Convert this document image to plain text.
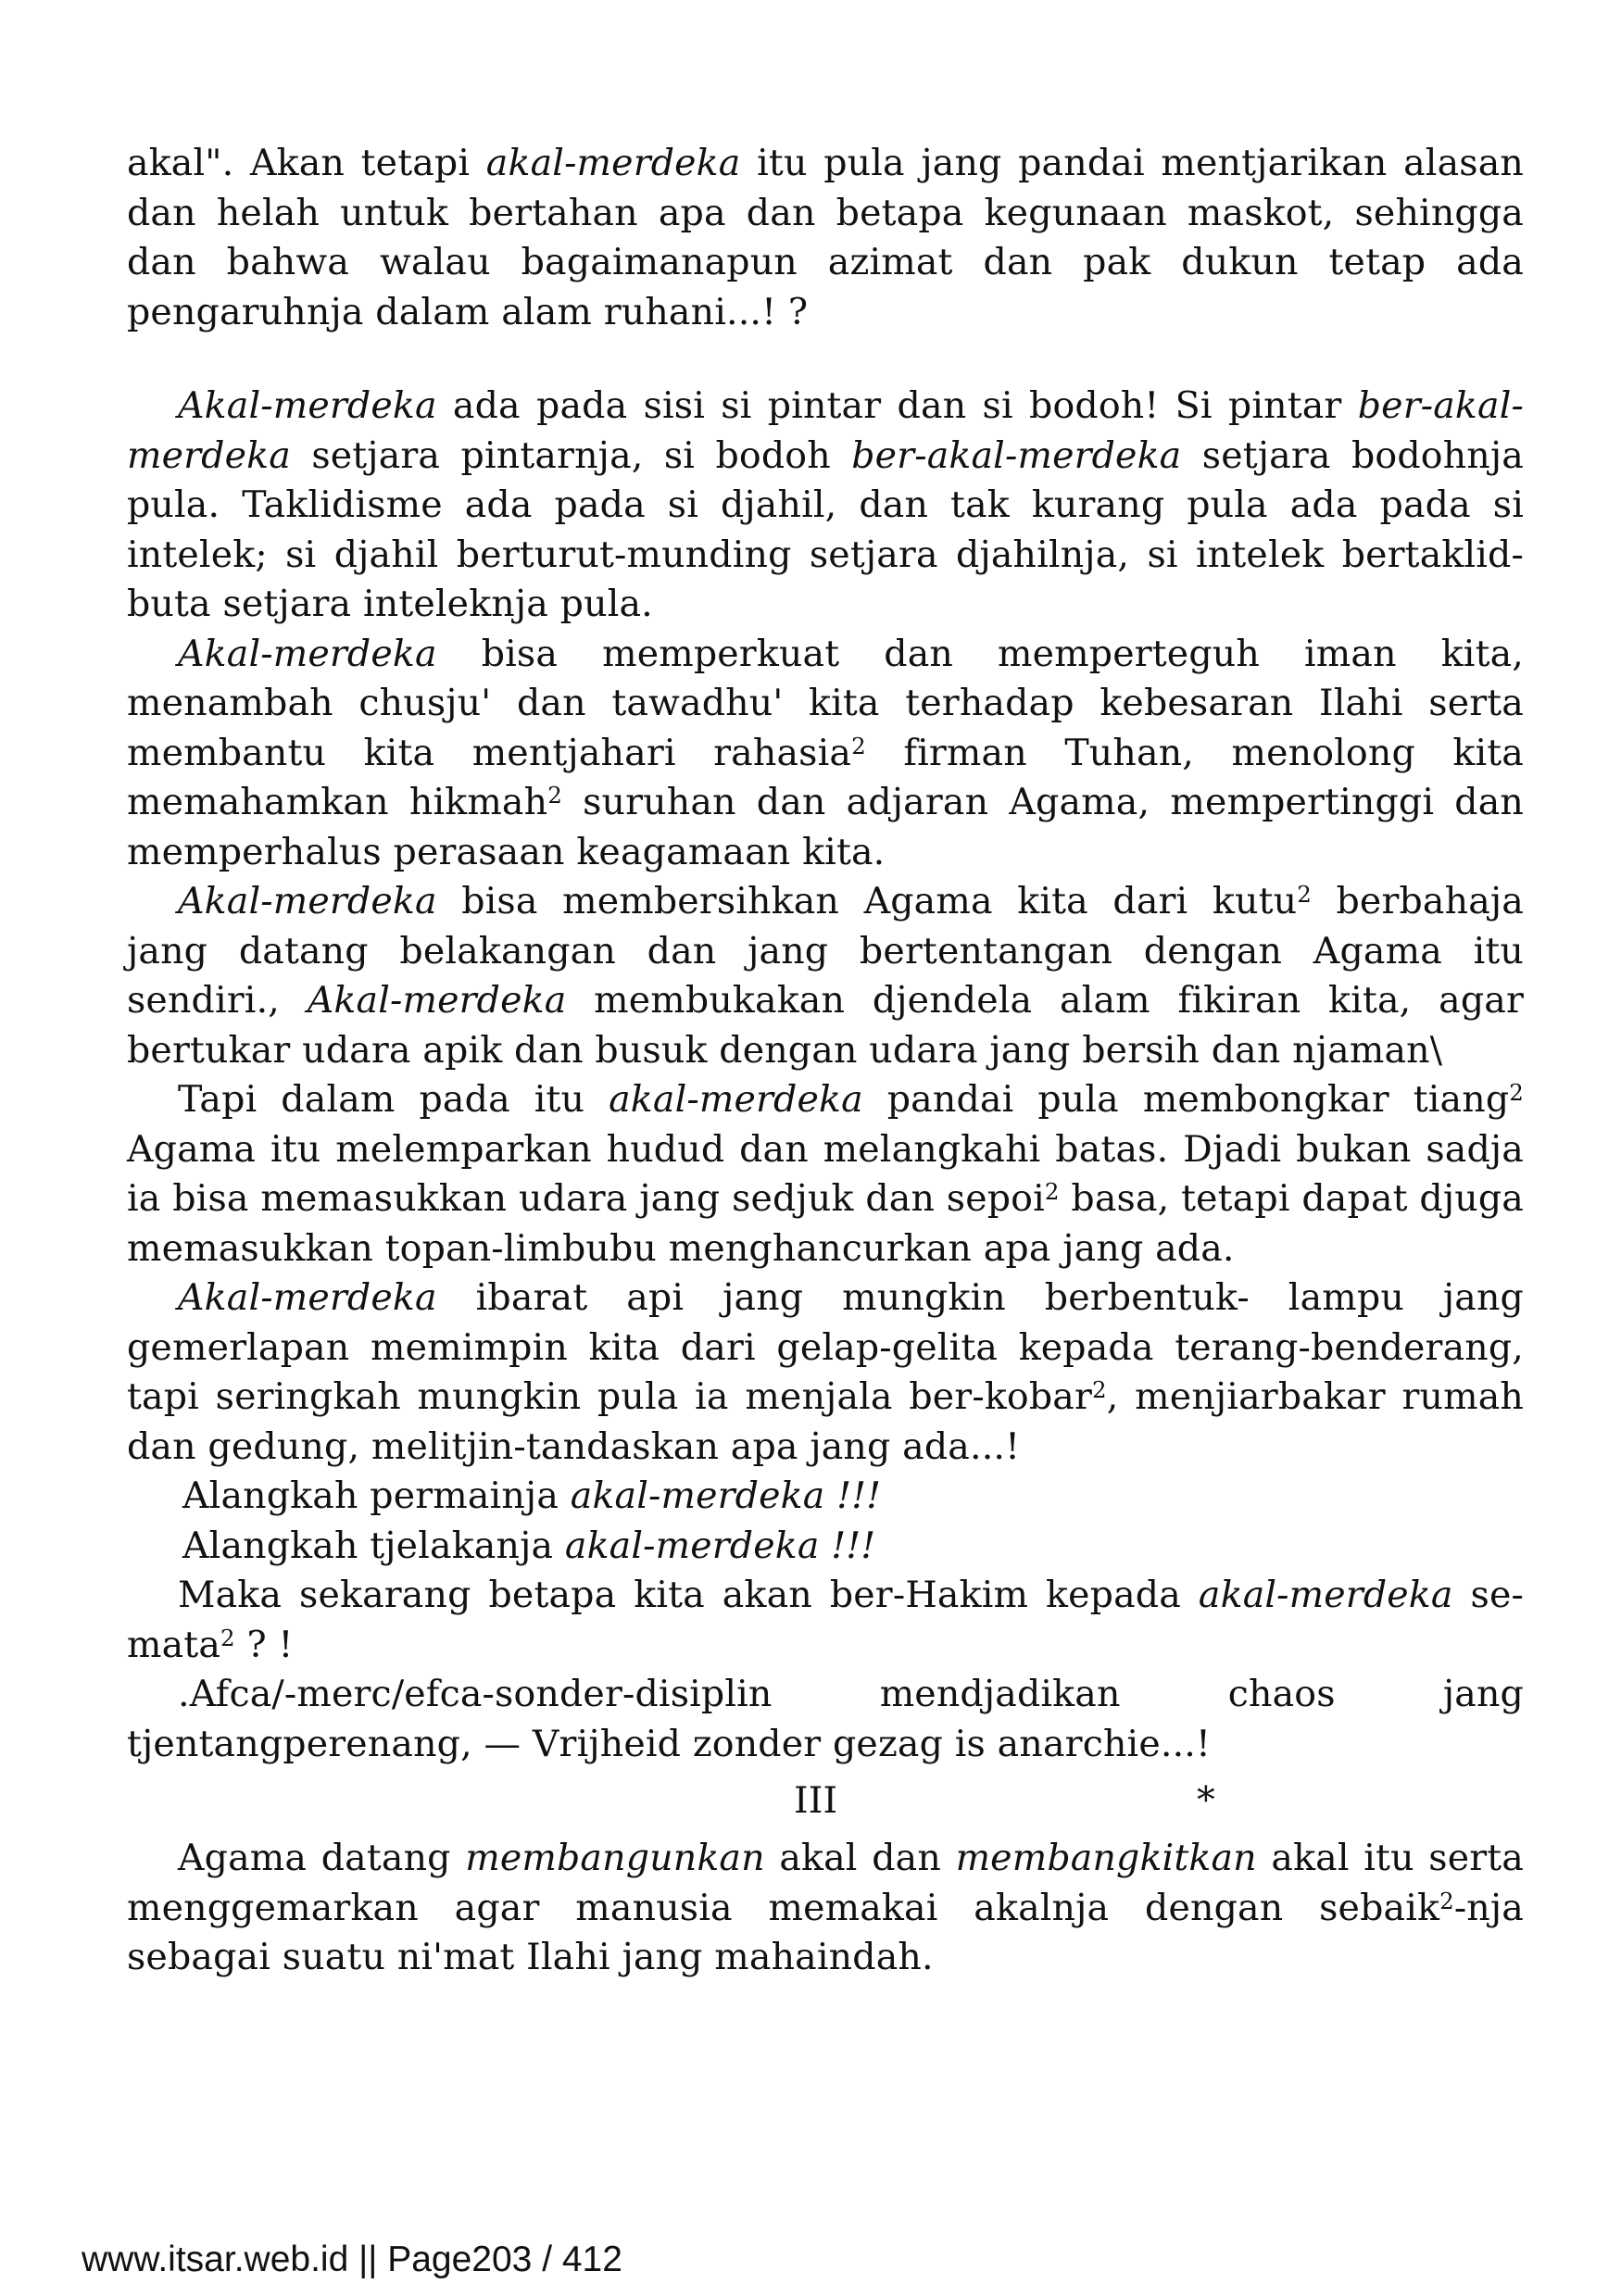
akal". Akan tetapi akal-merdeka itu pula jang pandai mentjarikan alasan dan helah untuk bertahan apa dan betapa kegunaan maskot, sehingga dan bahwa walau bagaimanapun azimat dan pak dukun tetap ada pengaruhnja dalam alam ruhani...! ?

Akal-merdeka ada pada sisi si pintar dan si bodoh! Si pintar ber-akal-merdeka setjara pintarnja, si bodoh ber-akal-merdeka setjara bodohnja pula. Taklidisme ada pada si djahil, dan tak kurang pula ada pada si intelek; si djahil berturut-munding setjara djahilnja, si intelek bertaklid-buta setjara inteleknja pula.

Akal-merdeka bisa memperkuat dan memperteguh iman kita, menambah chusju' dan tawadhu' kita terhadap kebesaran Ilahi serta membantu kita mentjahari rahasia$^2$ firman Tuhan, menolong kita memahamkan hikmah$^2$ suruhan dan adjaran Agama, mempertinggi dan memperhalus perasaan keagamaan kita.

Akal-merdeka bisa membersihkan Agama kita dari kutu$^2$ berbahaja jang datang belakangan dan jang bertentangan dengan Agama itu sendiri., Akal-merdeka membukakan djendela alam fikiran kita, agar bertukar udara apik dan busuk dengan udara jang bersih dan njaman\

Tapi dalam pada itu akal-merdeka pandai pula membongkar tiang$^2$ Agama itu melemparkan hudud dan melangkahi batas. Djadi bukan sadja ia bisa memasukkan udara jang sedjuk dan sepoi$^2$ basa, tetapi dapat djuga memasukkan topan-limbubu menghancurkan apa jang ada.

Akal-merdeka ibarat api jang mungkin berbentuk- lampu jang gemerlapan memimpin kita dari gelap-gelita kepada terang-benderang, tapi seringkah mungkin pula ia menjala ber-kobar$^2$, menjiarbakar rumah dan gedung, melitjin-tandaskan apa jang ada...!

Alangkah permainja akal-merdeka !!!

Alangkah tjelakanja akal-merdeka !!!

Maka sekarang betapa kita akan ber-Hakim kepada akal-merdeka se-mata$^2$ ? !

.Afca/-merc/efca-sonder-disiplin mendjadikan chaos jang tjentangperenang, — Vrijheid zonder gezag is anarchie...!

III	*

Agama datang membangunkan akal dan membangkitkan akal itu serta menggemarkan agar manusia memakai akalnja dengan sebaik$^2$-nja sebagai suatu ni'mat Ilahi jang mahaindah.

www.itsar.web.id || Page203 / 412
